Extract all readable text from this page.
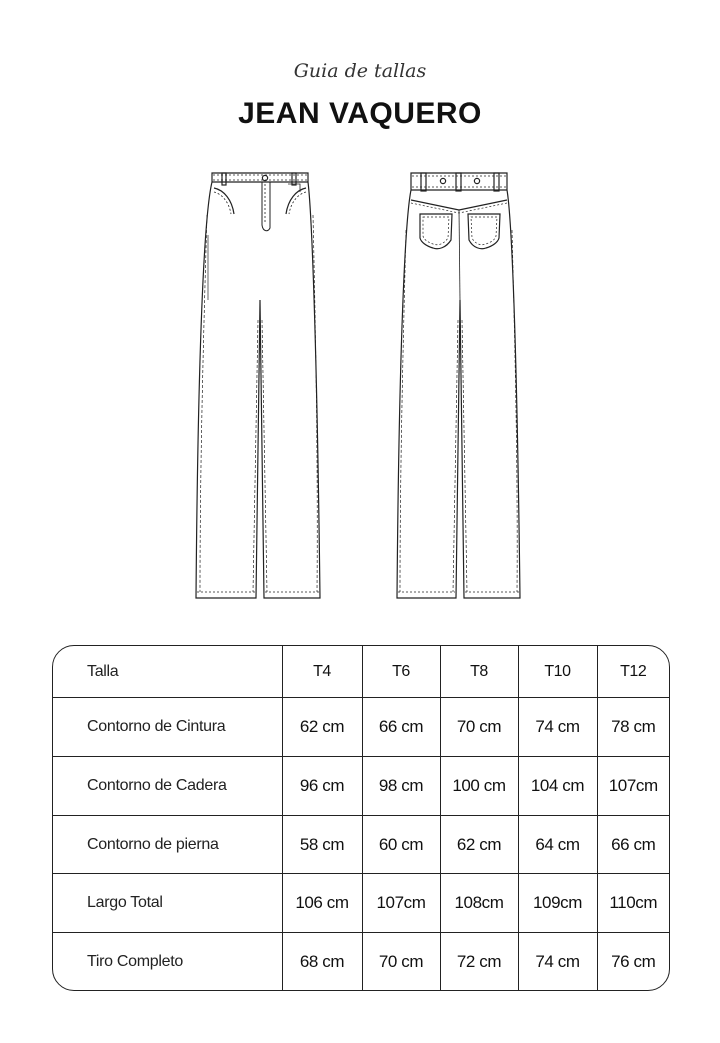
Guia de tallas
JEAN VAQUERO
Talla	T4	T6	T8	T10	T12
Contorno de Cintura	62 cm	66 cm	70 cm	74 cm	78 cm
Contorno de Cadera	96 cm	98 cm	100 cm	104 cm	107cm
Contorno de pierna	58 cm	60 cm	62 cm	64 cm	66 cm
Largo Total	106 cm	107cm	108cm	109cm	110cm
Tiro Completo	68 cm	70 cm	72 cm	74 cm	76 cm
